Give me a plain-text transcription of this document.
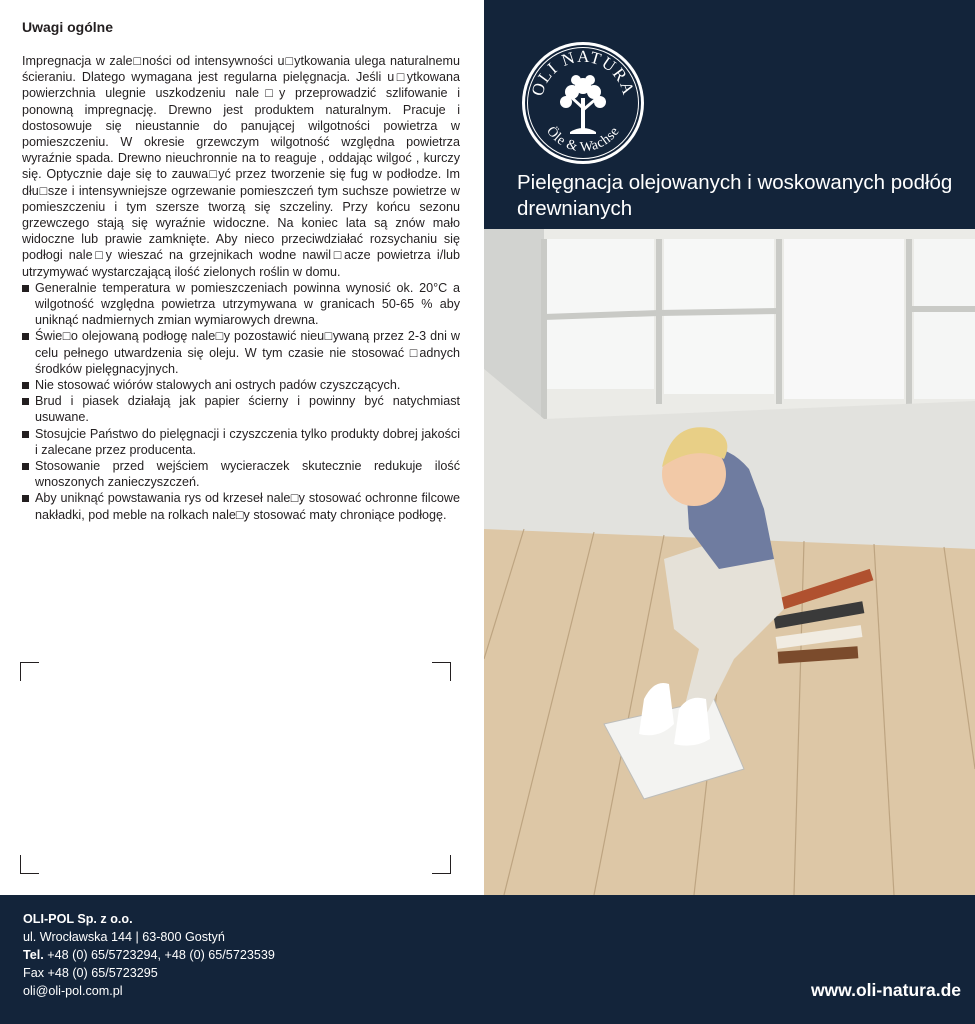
Uwagi ogólne

Impregnacja w zale□ności od intensywności u□ytkowania ulega naturalnemu ścieraniu. Dlatego wymagana jest regularna pielęgnacja. Jeśli u□ytkowana powierzchnia ulegnie uszkodzeniu nale□y przeprowadzić szlifowanie i ponowną impregnację. Drewno jest produktem naturalnym. Pracuje i dostosowuje się nieustannie do panującej wilgotności powietrza w pomieszczeniu. W okresie grzewczym wilgotność względna powietrza wyraźnie spada. Drewno nieuchronnie na to reaguje , oddając wilgoć , kurczy się. Optycznie daje się to zauwa□yć przez tworzenie się fug w podłodze. Im dłu□sze i intensywniejsze ogrzewanie pomieszczeń tym suchsze powietrze w pomieszczeniu i tym szersze tworzą się szczeliny. Przy końcu sezonu grzewczego stają się wyraźnie widoczne. Na koniec lata są znów mało widoczne lub prawie zamknięte. Aby nieco przeciwdziałać rozsychaniu się podłogi nale□y wieszać na grzejnikach wodne nawil□acze powietrza i/lub utrzymywać wystarczającą ilość zielonych roślin w domu.

Generalnie temperatura w pomieszczeniach powinna wynosić ok. 20°C a wilgotność względna powietrza utrzymywana w granicach 50-65 % aby uniknąć nadmiernych zmian wymiarowych drewna.
Świe□o olejowaną podłogę nale□y pozostawić nieu□ywaną przez 2-3 dni w celu pełnego utwardzenia się oleju. W tym czasie nie stosować □adnych środków pielęgnacyjnych.
Nie stosować wiórów stalowych ani ostrych padów czyszczących.
Brud i piasek działają jak papier ścierny i powinny być natychmiast usuwane.
Stosujcie Państwo do pielęgnacji i czyszczenia tylko produkty dobrej jakości i zalecane przez producenta.
Stosowanie przed wejściem wycieraczek skutecznie redukuje ilość wnoszonych zanieczyszczeń.
Aby uniknąć powstawania rys od krzeseł nale□y stosować ochronne filcowe nakładki, pod meble na rolkach nale□y stosować maty chroniące podłogę.
OLI NATURA
Öle & Wachse
Pielęgnacja olejowanych i woskowanych podłóg drewnianych
OLI-POL Sp. z o.o.
ul. Wrocławska 144 | 63-800 Gostyń
Tel. +48 (0) 65/5723294, +48 (0) 65/5723539
Fax +48 (0) 65/5723295
oli@oli-pol.com.pl	www.oli-natura.de
